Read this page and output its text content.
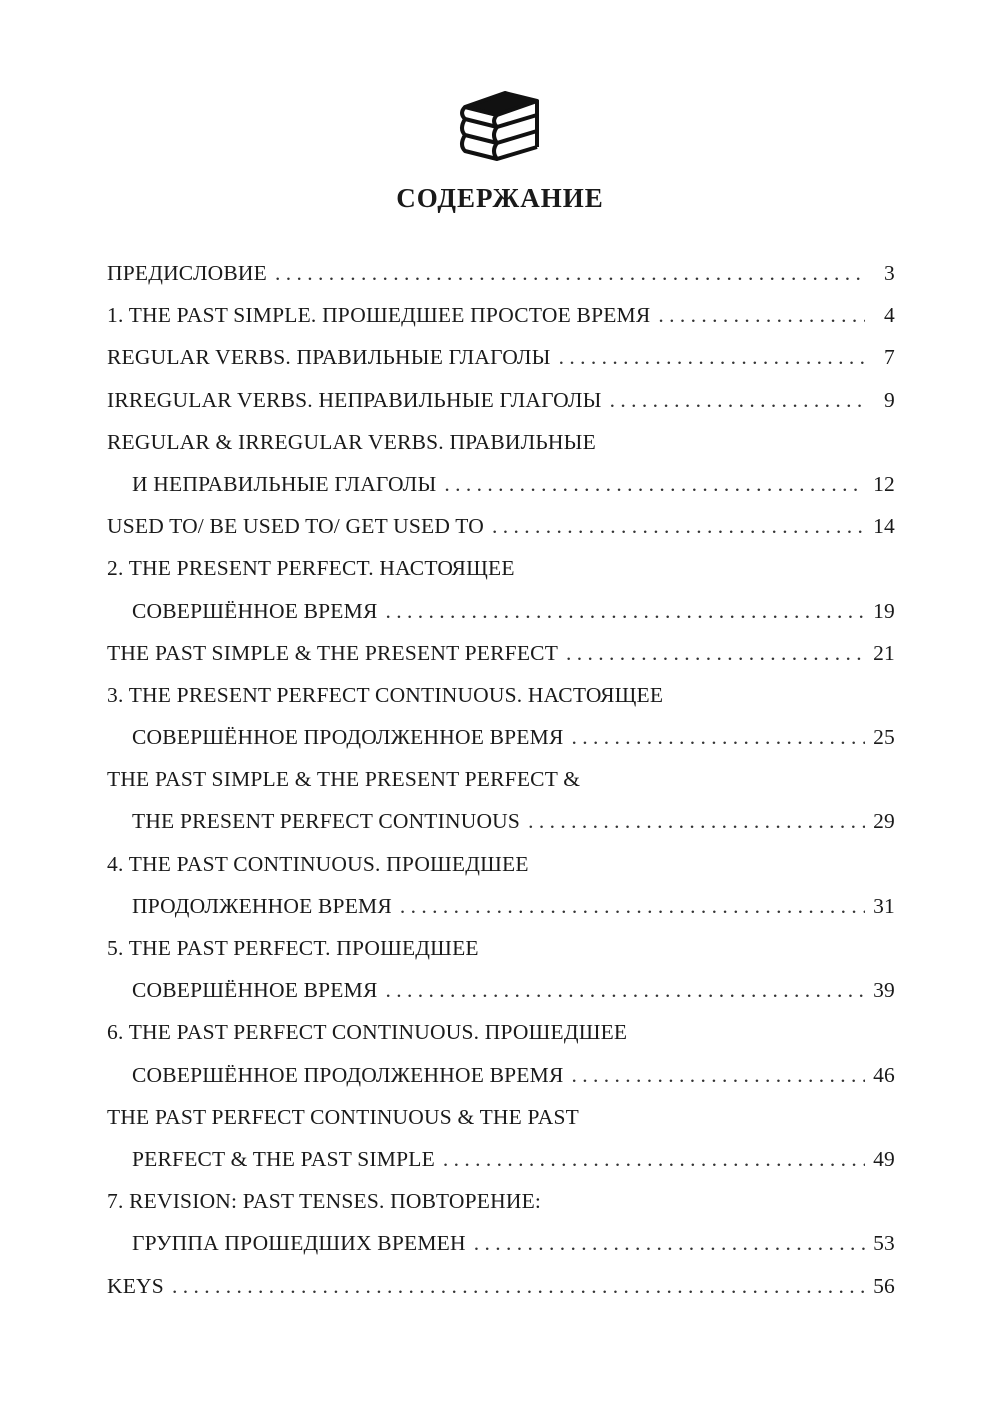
СОДЕРЖАНИЕ
ПРЕДИСЛОВИЕ . . .	3
1. THE PAST SIMPLE. ПРОШЕДШЕЕ ПРОСТОЕ ВРЕМЯ . . .	4
REGULAR VERBS. ПРАВИЛЬНЫЕ ГЛАГОЛЫ . . .	7
IRREGULAR VERBS. НЕПРАВИЛЬНЫЕ ГЛАГОЛЫ . . .	9
REGULAR & IRREGULAR VERBS. ПРАВИЛЬНЫЕ
И НЕПРАВИЛЬНЫЕ ГЛАГОЛЫ . . .	12
USED TO/ BE USED TO/ GET USED TO . . .	14
2. THE PRESENT PERFECT. НАСТОЯЩЕЕ
СОВЕРШЁННОЕ ВРЕМЯ . . .	19
THE PAST SIMPLE & THE PRESENT PERFECT . . .	21
3. THE PRESENT PERFECT CONTINUOUS. НАСТОЯЩЕЕ
СОВЕРШЁННОЕ ПРОДОЛЖЕННОЕ ВРЕМЯ . . .	25
THE PAST SIMPLE & THE PRESENT PERFECT &
THE PRESENT PERFECT CONTINUOUS . . .	29
4. THE PAST CONTINUOUS. ПРОШЕДШЕЕ
ПРОДОЛЖЕННОЕ ВРЕМЯ . . .	31
5. THE PAST PERFECT. ПРОШЕДШЕЕ
СОВЕРШЁННОЕ ВРЕМЯ . . .	39
6. THE PAST PERFECT CONTINUOUS. ПРОШЕДШЕЕ
СОВЕРШЁННОЕ ПРОДОЛЖЕННОЕ ВРЕМЯ . . .	46
THE PAST PERFECT CONTINUOUS & THE PAST
PERFECT & THE PAST SIMPLE . . .	49
7. REVISION: PAST TENSES. ПОВТОРЕНИЕ:
ГРУППА ПРОШЕДШИХ ВРЕМЕН . . .	53
KEYS . . .	56
